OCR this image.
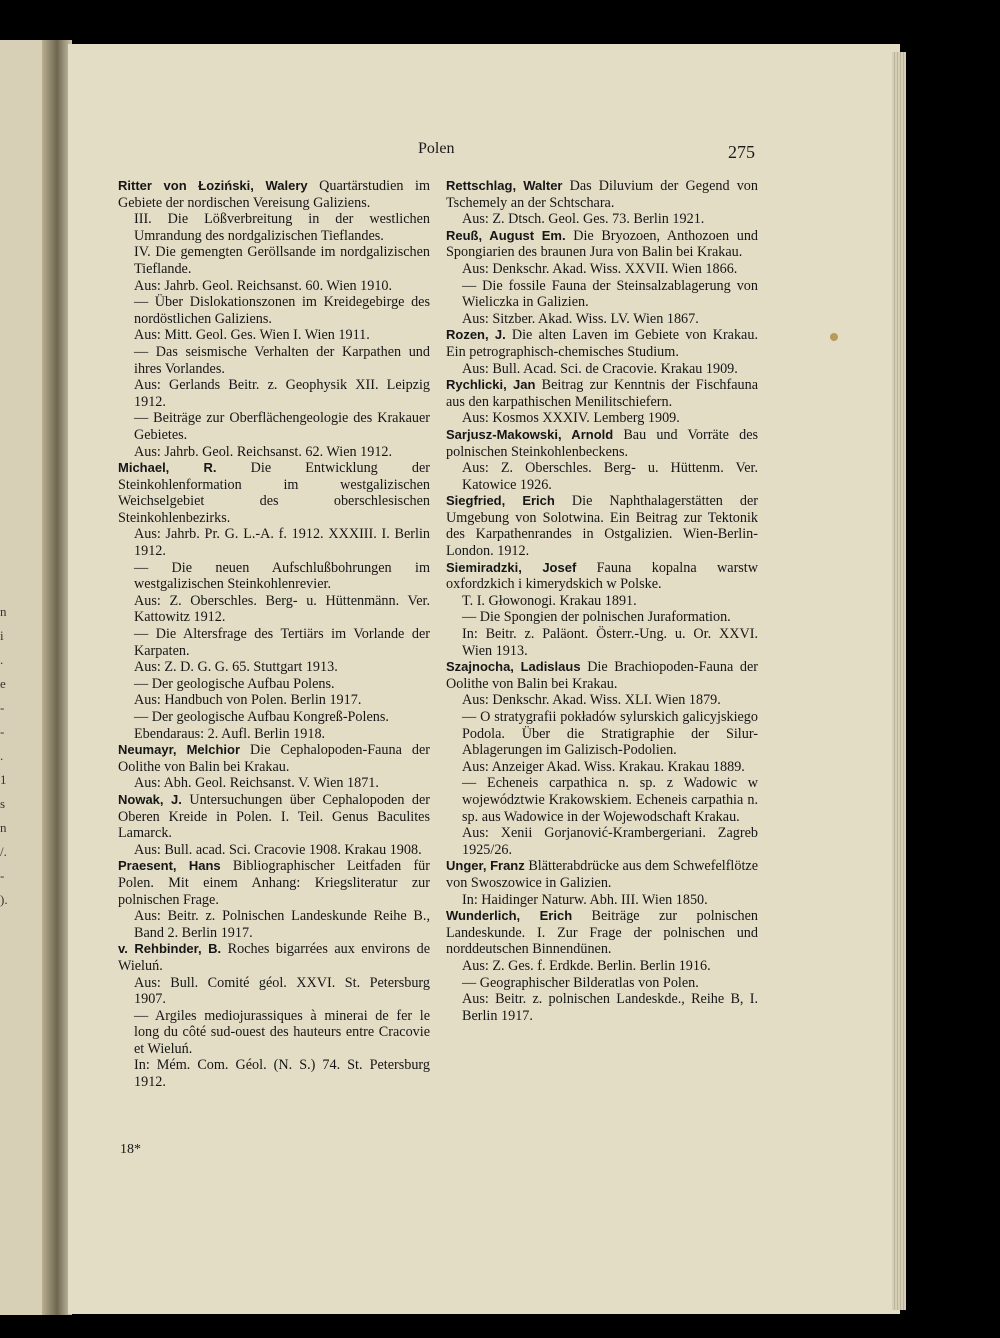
n
i
.
e
-
-
.
1
s
n
/.
-
).
Polen	275
Ritter von Łoziński, Walery Quartärstudien im Gebiete der nordischen Vereisung Galiziens.
III. Die Lößverbreitung in der westlichen Umrandung des nordgalizischen Tieflandes.
IV. Die gemengten Geröllsande im nordgalizischen Tieflande.
Aus: Jahrb. Geol. Reichsanst. 60. Wien 1910.
— Über Dislokationszonen im Kreidegebirge des nordöstlichen Galiziens.
Aus: Mitt. Geol. Ges. Wien I. Wien 1911.
— Das seismische Verhalten der Karpathen und ihres Vorlandes.
Aus: Gerlands Beitr. z. Geophysik XII. Leipzig 1912.
— Beiträge zur Oberflächengeologie des Krakauer Gebietes.
Aus: Jahrb. Geol. Reichsanst. 62. Wien 1912.
Michael, R. Die Entwicklung der Steinkohlenformation im westgalizischen Weichselgebiet des oberschlesischen Steinkohlenbezirks.
Aus: Jahrb. Pr. G. L.-A. f. 1912. XXXIII. I. Berlin 1912.
— Die neuen Aufschlußbohrungen im westgalizischen Steinkohlenrevier.
Aus: Z. Oberschles. Berg- u. Hüttenmänn. Ver. Kattowitz 1912.
— Die Altersfrage des Tertiärs im Vorlande der Karpaten.
Aus: Z. D. G. G. 65. Stuttgart 1913.
— Der geologische Aufbau Polens.
Aus: Handbuch von Polen. Berlin 1917.
— Der geologische Aufbau Kongreß-Polens.
Ebendaraus: 2. Aufl. Berlin 1918.
Neumayr, Melchior Die Cephalopoden-Fauna der Oolithe von Balin bei Krakau.
Aus: Abh. Geol. Reichsanst. V. Wien 1871.
Nowak, J. Untersuchungen über Cephalopoden der Oberen Kreide in Polen. I. Teil. Genus Baculites Lamarck.
Aus: Bull. acad. Sci. Cracovie 1908. Krakau 1908.
Praesent, Hans Bibliographischer Leitfaden für Polen. Mit einem Anhang: Kriegsliteratur zur polnischen Frage.
Aus: Beitr. z. Polnischen Landeskunde Reihe B., Band 2. Berlin 1917.
v. Rehbinder, B. Roches bigarrées aux environs de Wieluń.
Aus: Bull. Comité géol. XXVI. St. Petersburg 1907.
— Argiles mediojurassiques à minerai de fer le long du côté sud-ouest des hauteurs entre Cracovie et Wieluń.
In: Mém. Com. Géol. (N. S.) 74. St. Petersburg 1912.
Rettschlag, Walter Das Diluvium der Gegend von Tschemely an der Schtschara.
Aus: Z. Dtsch. Geol. Ges. 73. Berlin 1921.
Reuß, August Em. Die Bryozoen, Anthozoen und Spongiarien des braunen Jura von Balin bei Krakau.
Aus: Denkschr. Akad. Wiss. XXVII. Wien 1866.
— Die fossile Fauna der Steinsalzablagerung von Wieliczka in Galizien.
Aus: Sitzber. Akad. Wiss. LV. Wien 1867.
Rozen, J. Die alten Laven im Gebiete von Krakau. Ein petrographisch-chemisches Studium.
Aus: Bull. Acad. Sci. de Cracovie. Krakau 1909.
Rychlicki, Jan Beitrag zur Kenntnis der Fischfauna aus den karpathischen Menilitschiefern.
Aus: Kosmos XXXIV. Lemberg 1909.
Sarjusz-Makowski, Arnold Bau und Vorräte des polnischen Steinkohlenbeckens.
Aus: Z. Oberschles. Berg- u. Hüttenm. Ver. Katowice 1926.
Siegfried, Erich Die Naphthalagerstätten der Umgebung von Solotwina. Ein Beitrag zur Tektonik des Karpathenrandes in Ostgalizien. Wien-Berlin-London. 1912.
Siemiradzki, Josef Fauna kopalna warstw oxfordzkich i kimerydskich w Polske.
T. I. Głowonogi. Krakau 1891.
— Die Spongien der polnischen Juraformation.
In: Beitr. z. Paläont. Österr.-Ung. u. Or. XXVI. Wien 1913.
Szajnocha, Ladislaus Die Brachiopoden-Fauna der Oolithe von Balin bei Krakau.
Aus: Denkschr. Akad. Wiss. XLI. Wien 1879.
— O stratygrafii pokładów sylurskich galicyjskiego Podola. Über die Stratigraphie der Silur-Ablagerungen im Galizisch-Podolien.
Aus: Anzeiger Akad. Wiss. Krakau. Krakau 1889.
— Echeneis carpathica n. sp. z Wadowic w województwie Krakowskiem. Echeneis carpathia n. sp. aus Wadowice in der Wojewodschaft Krakau.
Aus: Xenii Gorjanović-Krambergeriani. Zagreb 1925/26.
Unger, Franz Blätterabdrücke aus dem Schwefelflötze von Swoszowice in Galizien.
In: Haidinger Naturw. Abh. III. Wien 1850.
Wunderlich, Erich Beiträge zur polnischen Landeskunde. I. Zur Frage der polnischen und norddeutschen Binnendünen.
Aus: Z. Ges. f. Erdkde. Berlin. Berlin 1916.
— Geographischer Bilderatlas von Polen.
Aus: Beitr. z. polnischen Landeskde., Reihe B, I. Berlin 1917.
18*
